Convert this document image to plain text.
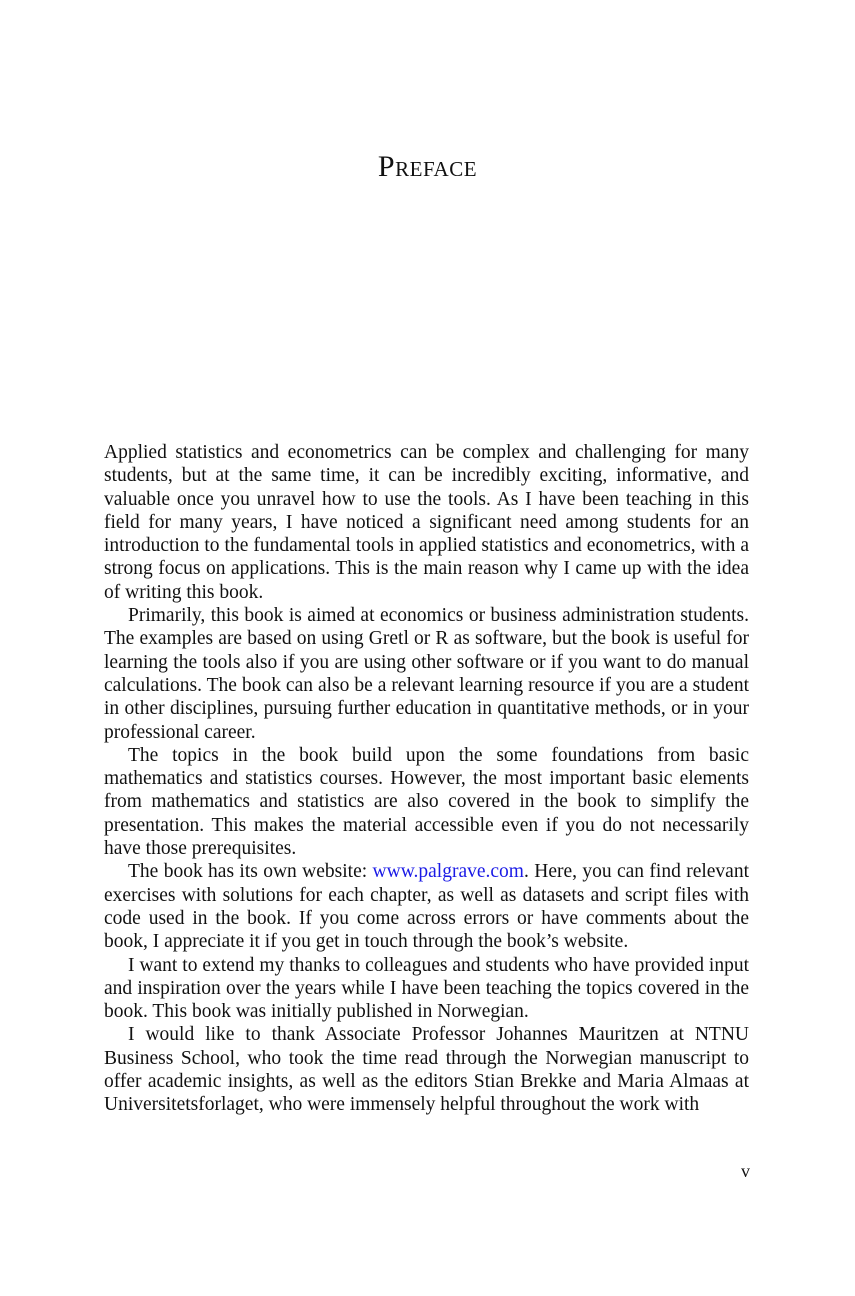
Preface

Applied statistics and econometrics can be complex and challenging for many students, but at the same time, it can be incredibly exciting, informative, and valuable once you unravel how to use the tools. As I have been teaching in this field for many years, I have noticed a significant need among students for an introduction to the fundamental tools in applied statistics and econometrics, with a strong focus on applications. This is the main reason why I came up with the idea of writing this book.

Primarily, this book is aimed at economics or business administration students. The examples are based on using Gretl or R as software, but the book is useful for learning the tools also if you are using other software or if you want to do manual calculations. The book can also be a relevant learning resource if you are a student in other disciplines, pursuing further education in quantitative methods, or in your professional career.

The topics in the book build upon the some foundations from basic mathematics and statistics courses. However, the most important basic elements from mathematics and statistics are also covered in the book to simplify the presentation. This makes the material accessible even if you do not necessarily have those prerequisites.

The book has its own website: www.palgrave.com. Here, you can find relevant exercises with solutions for each chapter, as well as datasets and script files with code used in the book. If you come across errors or have comments about the book, I appreciate it if you get in touch through the book’s website.

I want to extend my thanks to colleagues and students who have provided input and inspiration over the years while I have been teaching the topics covered in the book. This book was initially published in Norwegian.

I would like to thank Associate Professor Johannes Mauritzen at NTNU Business School, who took the time read through the Norwegian manuscript to offer academic insights, as well as the editors Stian Brekke and Maria Almaas at Universitetsforlaget, who were immensely helpful throughout the work with

v
